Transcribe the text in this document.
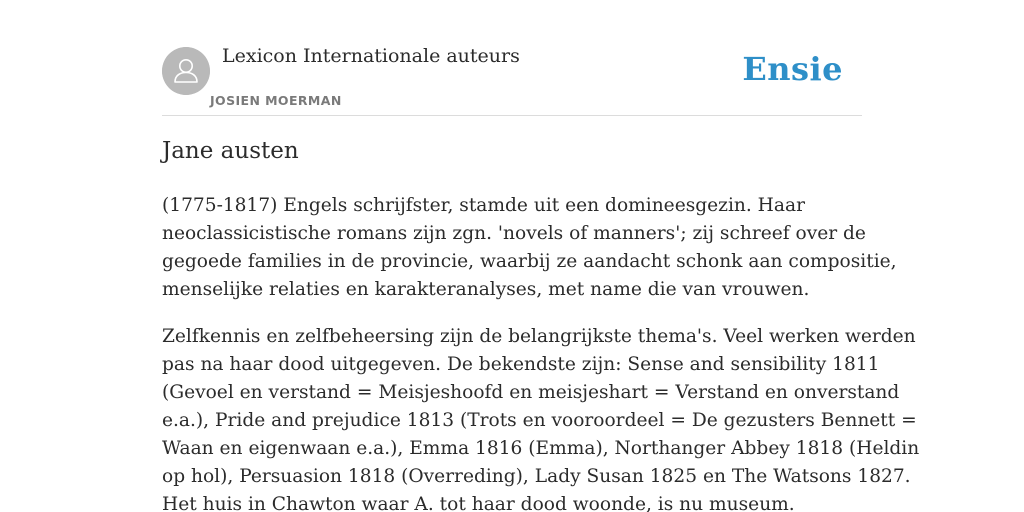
Lexicon Internationale auteurs
JOSIEN MOERMAN
Ensie
Jane austen

(1775-1817) Engels schrijfster, stamde uit een domineesgezin. Haar
neoclassicistische romans zijn zgn. 'novels of manners'; zij schreef over de
gegoede families in de provincie, waarbij ze aandacht schonk aan compositie,
menselijke relaties en karakteranalyses, met name die van vrouwen.

Zelfkennis en zelfbeheersing zijn de belangrijkste thema's. Veel werken werden
pas na haar dood uitgegeven. De bekendste zijn: Sense and sensibility 1811
(Gevoel en verstand = Meisjeshoofd en meisjeshart = Verstand en onverstand
e.a.), Pride and prejudice 1813 (Trots en vooroordeel = De gezusters Bennett =
Waan en eigenwaan e.a.), Emma 1816 (Emma), Northanger Abbey 1818 (Heldin
op hol), Persuasion 1818 (Overreding), Lady Susan 1825 en The Watsons 1827.
Het huis in Chawton waar A. tot haar dood woonde, is nu museum.
